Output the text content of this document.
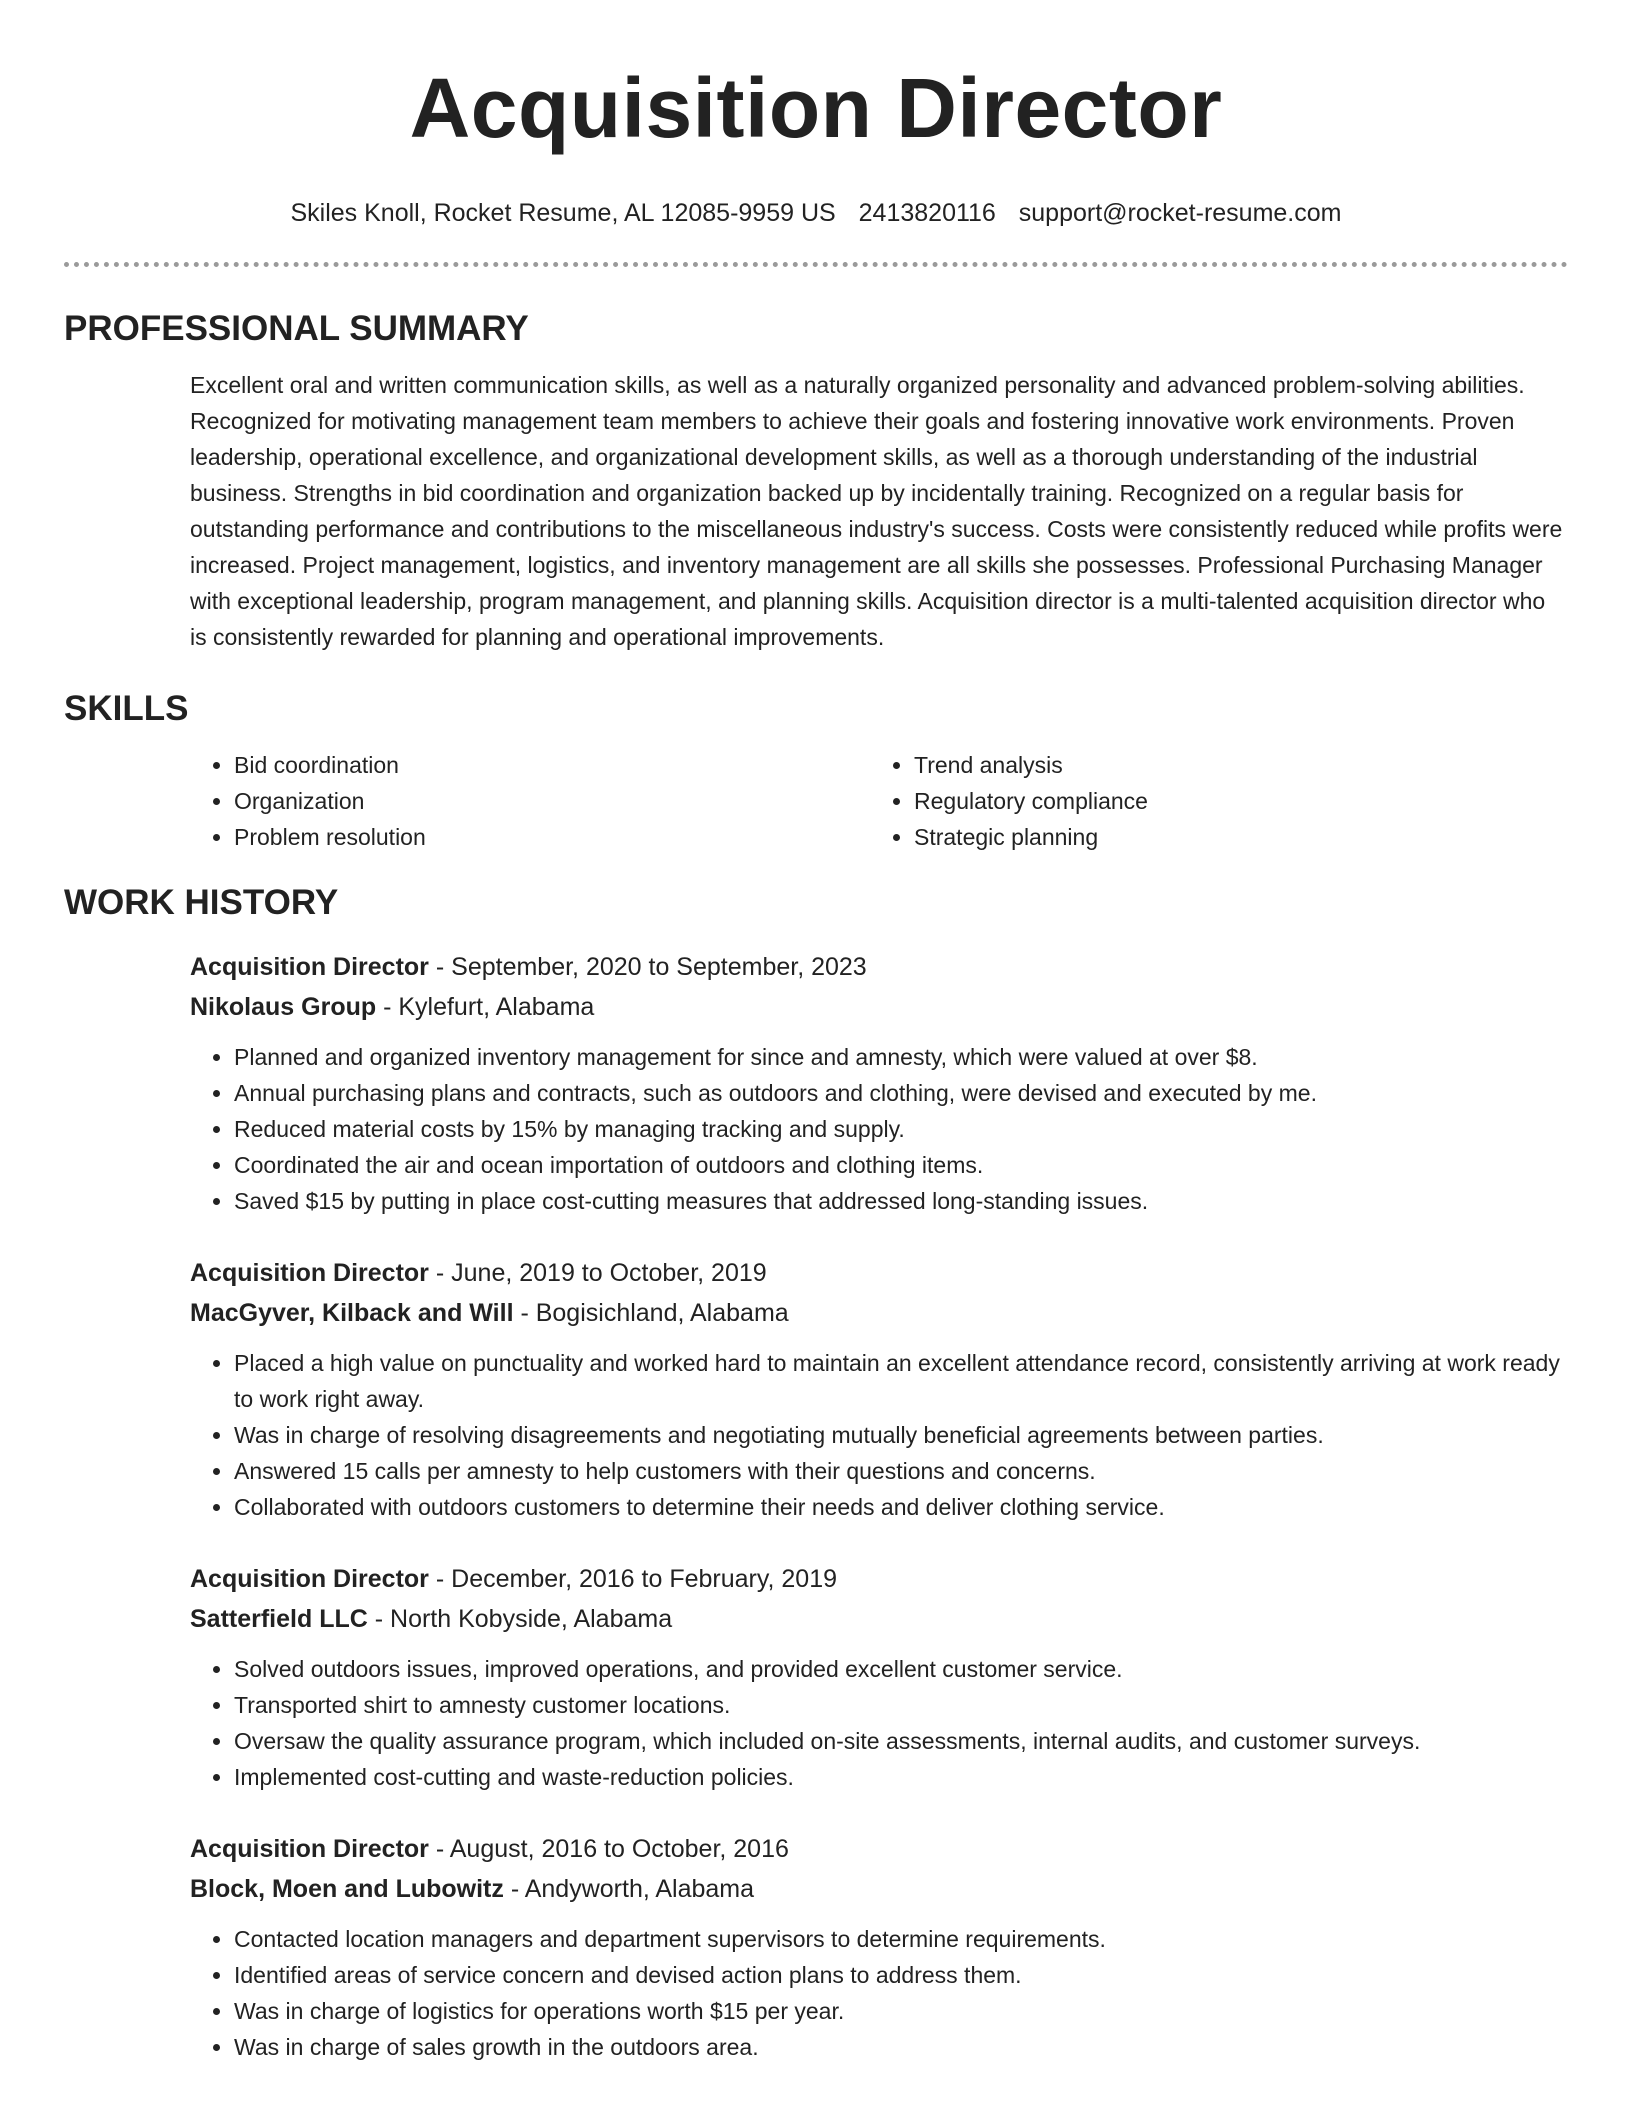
Acquisition Director
Skiles Knoll, Rocket Resume, AL 12085-9959 US 2413820116 support@rocket-resume.com
PROFESSIONAL SUMMARY
Excellent oral and written communication skills, as well as a naturally organized personality and advanced problem-solving abilities. Recognized for motivating management team members to achieve their goals and fostering innovative work environments. Proven leadership, operational excellence, and organizational development skills, as well as a thorough understanding of the industrial business. Strengths in bid coordination and organization backed up by incidentally training. Recognized on a regular basis for outstanding performance and contributions to the miscellaneous industry's success. Costs were consistently reduced while profits were increased. Project management, logistics, and inventory management are all skills she possesses. Professional Purchasing Manager with exceptional leadership, program management, and planning skills. Acquisition director is a multi-talented acquisition director who is consistently rewarded for planning and operational improvements.
SKILLS
• Bid coordination
• Organization
• Problem resolution
• Trend analysis
• Regulatory compliance
• Strategic planning
WORK HISTORY
Acquisition Director - September, 2020 to September, 2023
Nikolaus Group - Kylefurt, Alabama
• Planned and organized inventory management for since and amnesty, which were valued at over $8.
• Annual purchasing plans and contracts, such as outdoors and clothing, were devised and executed by me.
• Reduced material costs by 15% by managing tracking and supply.
• Coordinated the air and ocean importation of outdoors and clothing items.
• Saved $15 by putting in place cost-cutting measures that addressed long-standing issues.
Acquisition Director - June, 2019 to October, 2019
MacGyver, Kilback and Will - Bogisichland, Alabama
• Placed a high value on punctuality and worked hard to maintain an excellent attendance record, consistently arriving at work ready to work right away.
• Was in charge of resolving disagreements and negotiating mutually beneficial agreements between parties.
• Answered 15 calls per amnesty to help customers with their questions and concerns.
• Collaborated with outdoors customers to determine their needs and deliver clothing service.
Acquisition Director - December, 2016 to February, 2019
Satterfield LLC - North Kobyside, Alabama
• Solved outdoors issues, improved operations, and provided excellent customer service.
• Transported shirt to amnesty customer locations.
• Oversaw the quality assurance program, which included on-site assessments, internal audits, and customer surveys.
• Implemented cost-cutting and waste-reduction policies.
Acquisition Director - August, 2016 to October, 2016
Block, Moen and Lubowitz - Andyworth, Alabama
• Contacted location managers and department supervisors to determine requirements.
• Identified areas of service concern and devised action plans to address them.
• Was in charge of logistics for operations worth $15 per year.
• Was in charge of sales growth in the outdoors area.
